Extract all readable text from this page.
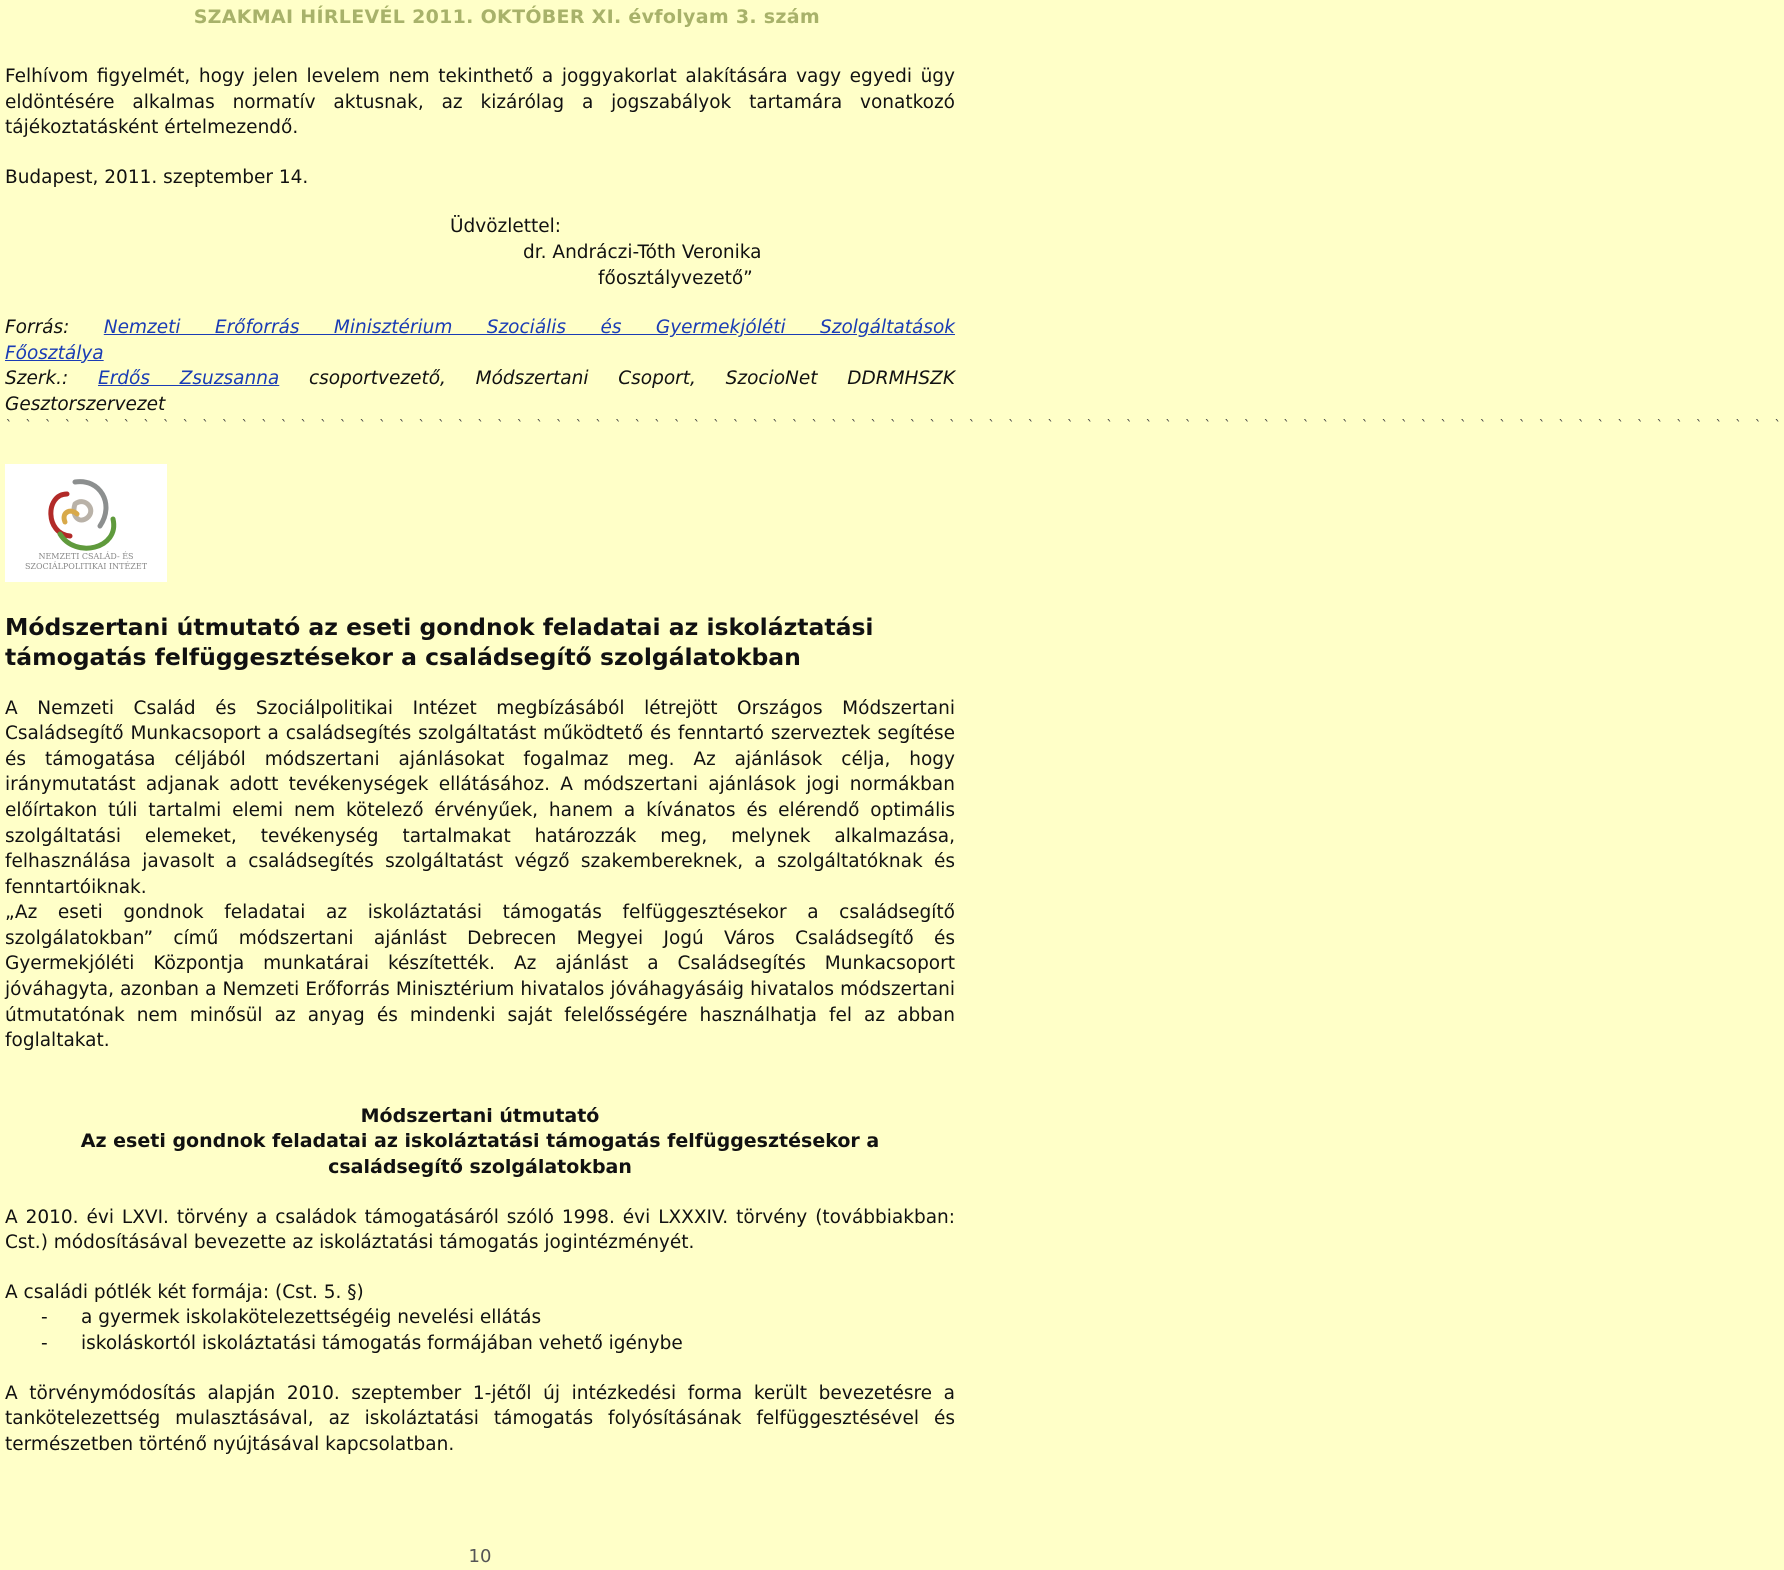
SZAKMAI HÍRLEVÉL 2011. OKTÓBER XI. évfolyam 3. szám

Felhívom figyelmét, hogy jelen levelem nem tekinthető a joggyakorlat alakítására vagy egyedi ügy eldöntésére alkalmas normatív aktusnak, az kizárólag a jogszabályok tartamára vonatkozó tájékoztatásként értelmezendő.

Budapest, 2011. szeptember 14.

Üdvözlettel:

dr. Andráczi-Tóth Veronika

főosztályvezető”

Forrás: Nemzeti Erőforrás Minisztérium Szociális és Gyermekjóléti Szolgáltatások

Főosztálya

Szerk.: Erdős Zsuzsanna csoportvezető, Módszertani Csoport, SzocioNet DDRMHSZK

Gesztorszervezet

` ` ` ` ` ` ` ` ` ` ` ` ` ` ` ` ` ` ` ` ` ` ` ` ` ` ` ` ` ` ` ` ` ` ` ` ` ` ` ` ` ` ` ` ` ` ` ` ` ` ` ` ` ` ` ` ` ` ` ` ` ` ` ` ` ` ` ` ` ` ` ` ` ` ` ` ` ` ` ` ` ` ` ` ` ` ` ` ` ` `
NEMZETI CSALÁD- ÉS SZOCIÁLPOLITIKAI INTÉZET
Módszertani útmutató az eseti gondnok feladatai az iskoláztatási támogatás felfüggesztésekor a családsegítő szolgálatokban

A Nemzeti Család és Szociálpolitikai Intézet megbízásából létrejött Országos Módszertani Családsegítő Munkacsoport a családsegítés szolgáltatást működtető és fenntartó szerveztek segítése és támogatása céljából módszertani ajánlásokat fogalmaz meg. Az ajánlások célja, hogy iránymutatást adjanak adott tevékenységek ellátásához. A módszertani ajánlások jogi normákban előírtakon túli tartalmi elemi nem kötelező érvényűek, hanem a kívánatos és elérendő optimális szolgáltatási elemeket, tevékenység tartalmakat határozzák meg, melynek alkalmazása, felhasználása javasolt a családsegítés szolgáltatást végző szakembereknek, a szolgáltatóknak és fenntartóiknak.

„Az eseti gondnok feladatai az iskoláztatási támogatás felfüggesztésekor a családsegítő szolgálatokban” című módszertani ajánlást Debrecen Megyei Jogú Város Családsegítő és Gyermekjóléti Központja munkatárai készítették. Az ajánlást a Családsegítés Munkacsoport jóváhagyta, azonban a Nemzeti Erőforrás Minisztérium hivatalos jóváhagyásáig hivatalos módszertani útmutatónak nem minősül az anyag és mindenki saját felelősségére használhatja fel az abban foglaltakat.

Módszertani útmutató
Az eseti gondnok feladatai az iskoláztatási támogatás felfüggesztésekor a
családsegítő szolgálatokban

A 2010. évi LXVI. törvény a családok támogatásáról szóló 1998. évi LXXXIV. törvény (továbbiakban: Cst.) módosításával bevezette az iskoláztatási támogatás jogintézményét.

A családi pótlék két formája: (Cst. 5. §)

- a gyermek iskolakötelezettségéig nevelési ellátás
- iskoláskortól iskoláztatási támogatás formájában vehető igénybe

A törvénymódosítás alapján 2010. szeptember 1-jétől új intézkedési forma került bevezetésre a tankötelezettség mulasztásával, az iskoláztatási támogatás folyósításának felfüggesztésével és természetben történő nyújtásával kapcsolatban.

10
